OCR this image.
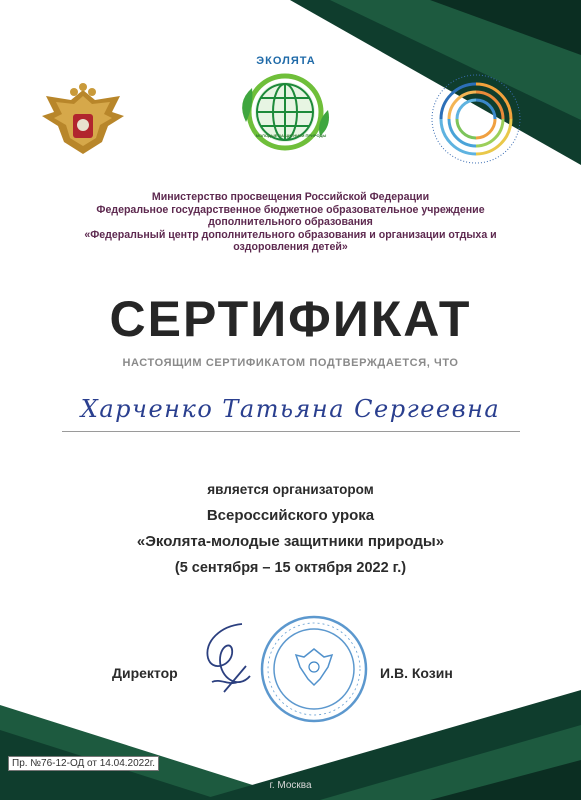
ЭКОЛЯТА
МОЛОДЫЕ ЗАЩИТНИКИ ПРИРОДЫ
Министерство просвещения Российской Федерации
Федеральное государственное бюджетное образовательное учреждение
дополнительного образования
«Федеральный центр дополнительного образования и организации отдыха и
оздоровления детей»
СЕРТИФИКАТ
НАСТОЯЩИМ СЕРТИФИКАТОМ ПОДТВЕРЖДАЕТСЯ, ЧТО
Харченко Татьяна Сергеевна
является организатором
Всероссийского урока
«Эколята-молодые защитники природы»
(5 сентября – 15 октября 2022 г.)
Директор	И.В. Козин
Пр. №76-12-ОД от 14.04.2022г.
г. Москва
